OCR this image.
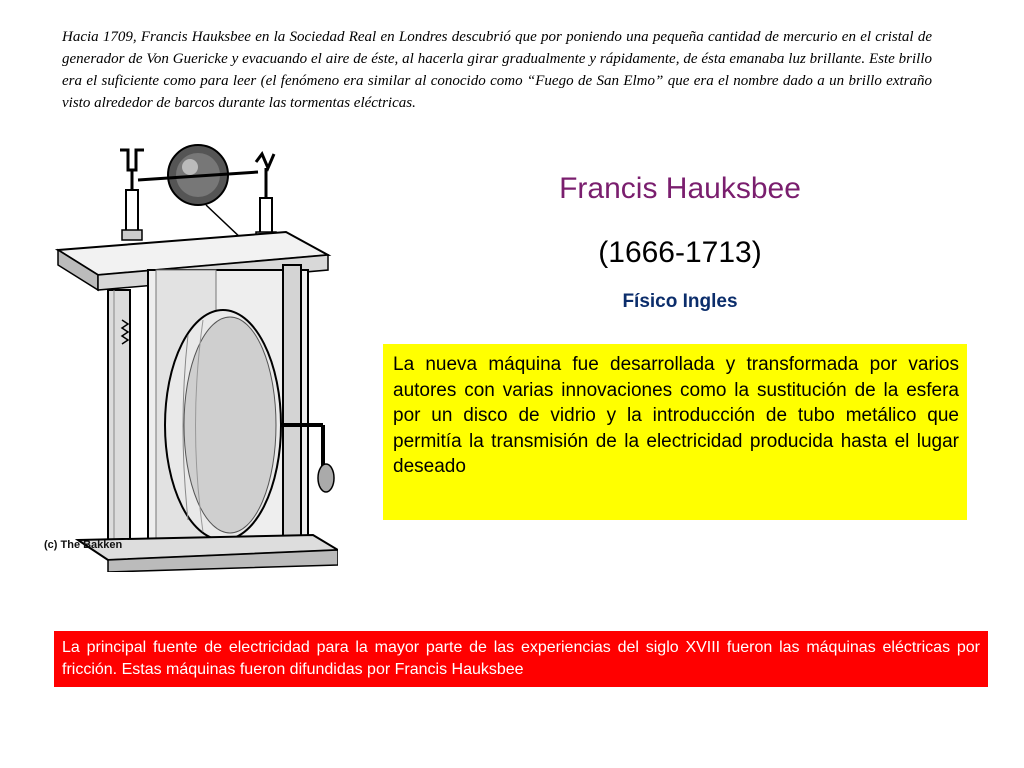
Hacia 1709, Francis Hauksbee en la Sociedad Real en Londres descubrió que por poniendo una pequeña cantidad de mercurio en el cristal de generador de Von Guericke y evacuando el aire de éste, al hacerla girar gradualmente y rápidamente, de ésta emanaba luz brillante. Este brillo era el suficiente como para leer (el fenómeno era similar al conocido como “Fuego de San Elmo” que era el nombre dado a un brillo extraño visto alrededor de barcos durante las tormentas eléctricas.

(c) The Bakken
Francis Hauksbee
(1666-1713)
Físico Ingles
La nueva máquina fue desarrollada y transformada por varios autores con varias innovaciones como la sustitución de la esfera por un disco de vidrio y la introducción de tubo metálico que permitía la transmisión de la electricidad producida hasta el lugar deseado
La principal fuente de electricidad para la mayor parte de las experiencias del siglo XVIII fueron las máquinas eléctricas por fricción. Estas máquinas fueron difundidas por Francis Hauksbee
